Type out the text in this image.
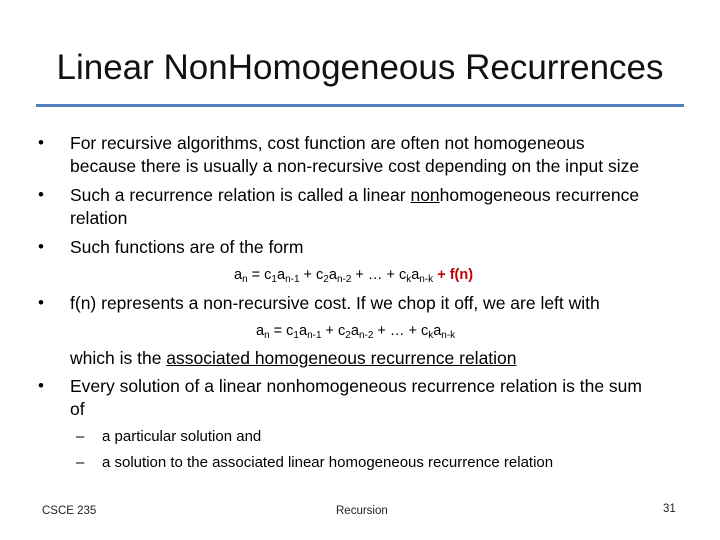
Linear NonHomogeneous Recurrences
• For recursive algorithms, cost function are often not homogeneous
because there is usually a non-recursive cost depending on the input size
• Such a recurrence relation is called a linear nonhomogeneous recurrence
relation
• Such functions are of the form
$a_n = c_1a_{n-1} + c_2a_{n-2}$ + … + $c_ka_{n-k} + f(n)$
• f(n) represents a non-recursive cost. If we chop it off, we are left with
$a_n = c_1a_{n-1} + c_2a_{n-2}$ + … + $c_ka_{n-k}$
which is the associated homogeneous recurrence relation
• Every solution of a linear nonhomogeneous recurrence relation is the sum
of
– a particular solution and
– a solution to the associated linear homogeneous recurrence relation
CSCE 235	Recursion	31
